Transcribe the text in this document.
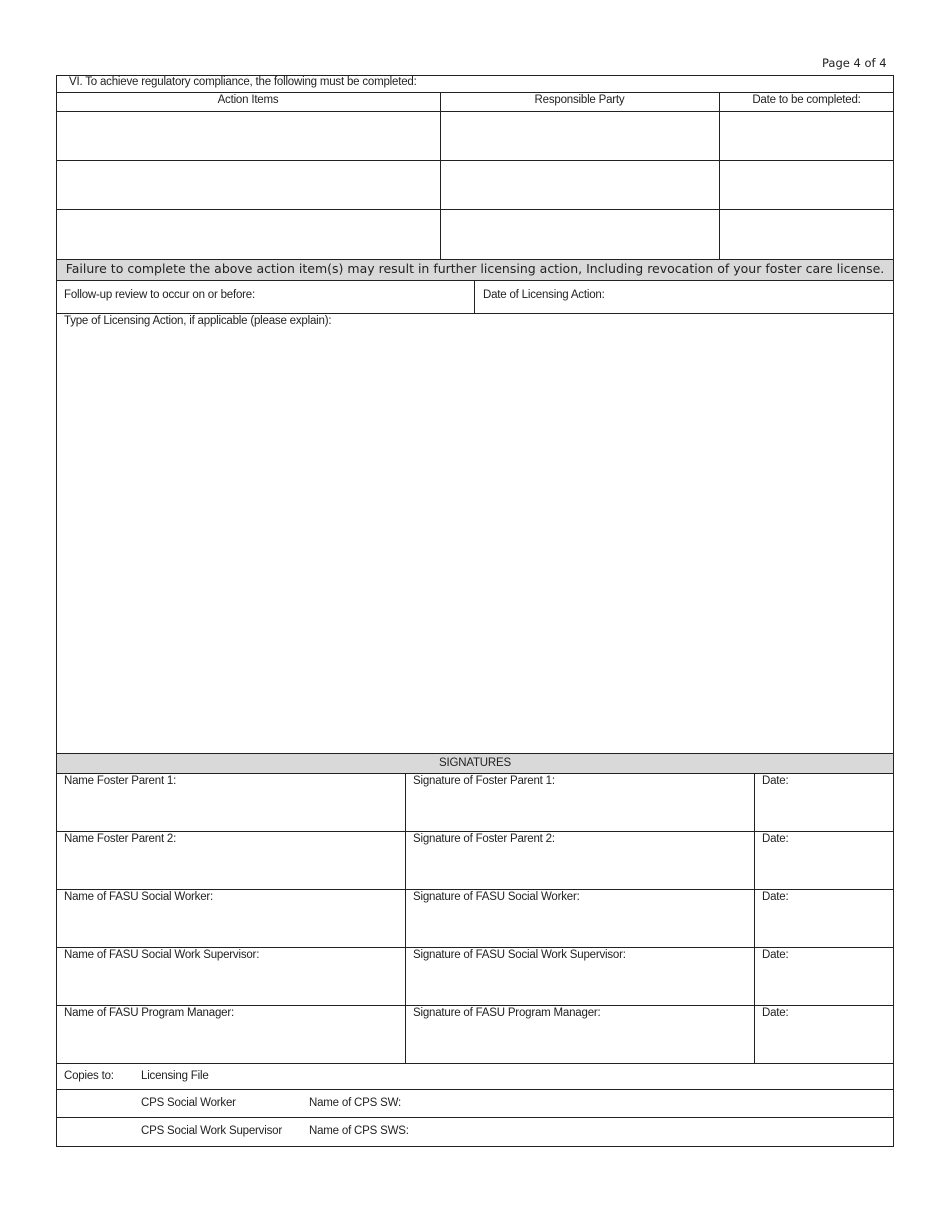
Page 4 of 4
VI. To achieve regulatory compliance, the following must be completed:
Action Items	Responsible Party	Date to be completed:
Failure to complete the above action item(s) may result in further licensing action, Including revocation of your foster care license.
Follow-up review to occur on or before:	Date of Licensing Action:
Type of Licensing Action, if applicable (please explain):
SIGNATURES
Name Foster Parent 1:	Signature of Foster Parent 1:	Date:
Name Foster Parent 2:	Signature of Foster Parent 2:	Date:
Name of FASU Social Worker:	Signature of FASU Social Worker:	Date:
Name of FASU Social Work Supervisor:	Signature of FASU Social Work Supervisor:	Date:
Name of FASU Program Manager:	Signature of FASU Program Manager:	Date:
Copies to: Licensing File
CPS Social Worker	Name of CPS SW:
CPS Social Work Supervisor Name of CPS SWS:
